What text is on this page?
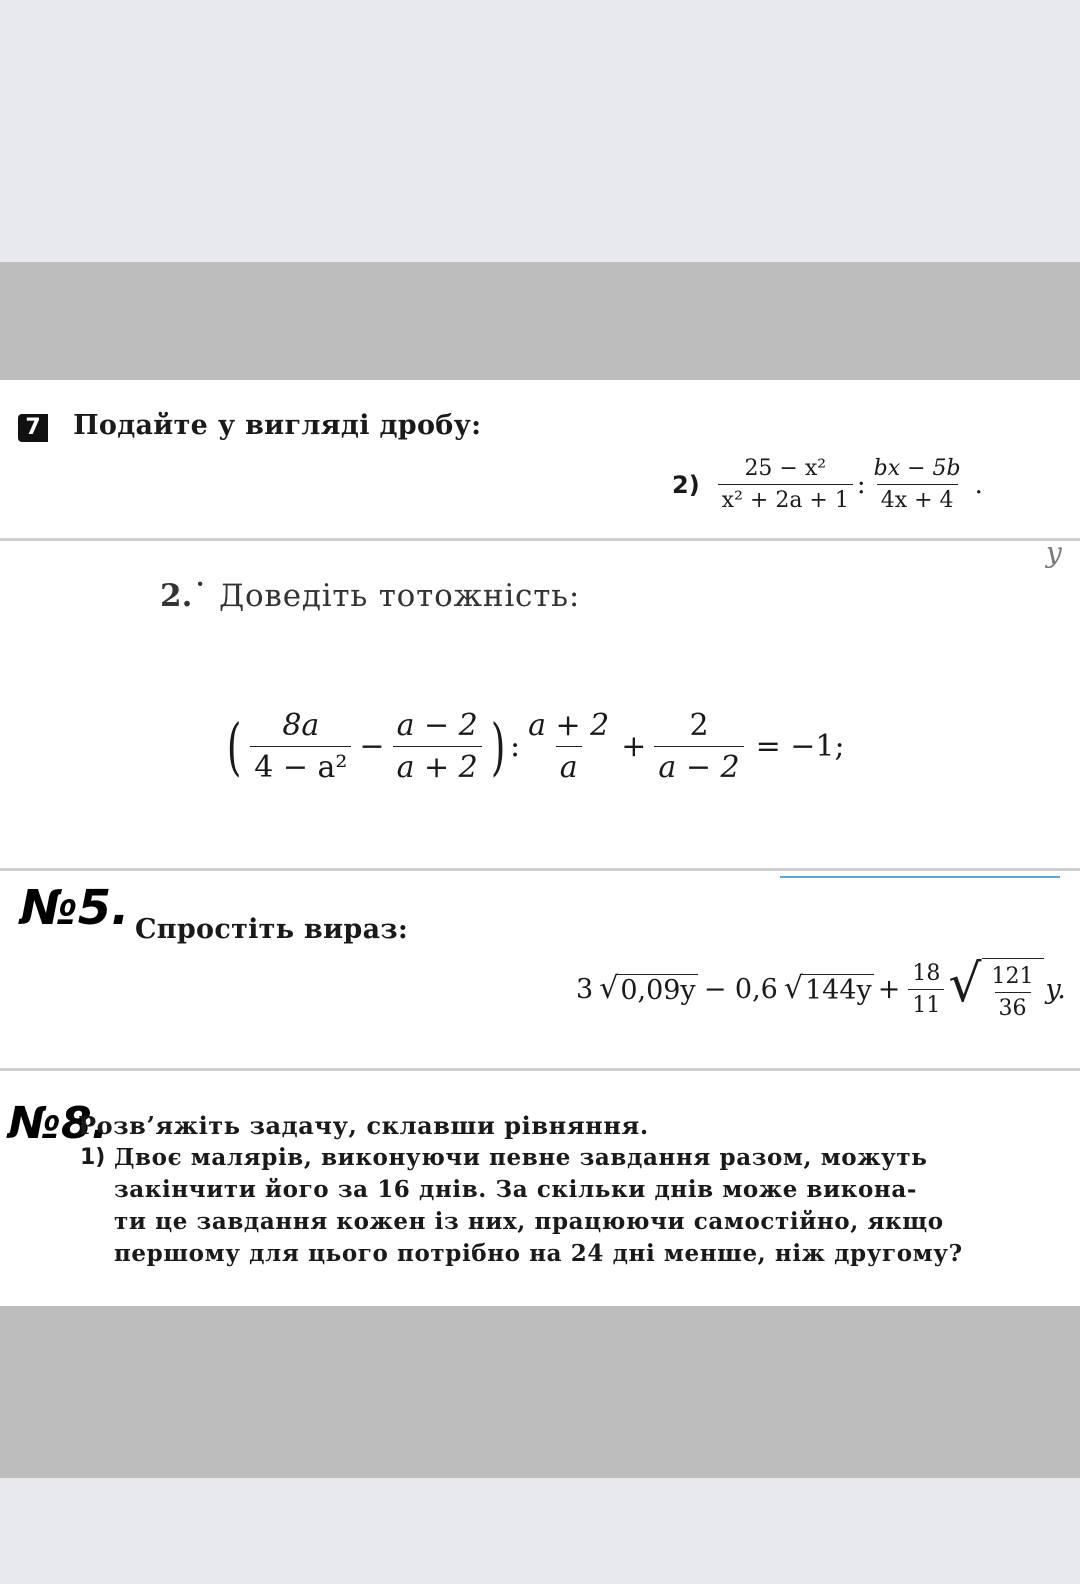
7 Подайте у вигляді дробу:
$2) \frac{\text{25 − x²}}{\text{x² + 2a + 1}}$ : $\frac{bx - 5b}{4x + 4}$ .
2.˙ Доведіть тотожність:
y
( $\frac{8a}{\text{4 − a²}} - \frac{a - 2}{a + 2}$ ) : $\frac{a + 2}{a} + \frac{2}{a - 2} = -1$;
№5. Спростіть вираз:
3 √ 0,09y − 0,6 √ $144y + \frac{18}{11}$ √ $\frac{121}{36} y$.
№8.
Розв’яжіть задачу, склавши рівняння.
1) Двоє малярів, виконуючи певне завдання разом, можуть
закінчити його за 16 днів. За скільки днів може викона-
ти це завдання кожен із них, працюючи самостійно, якщо
першому для цього потрібно на 24 дні менше, ніж другому?
